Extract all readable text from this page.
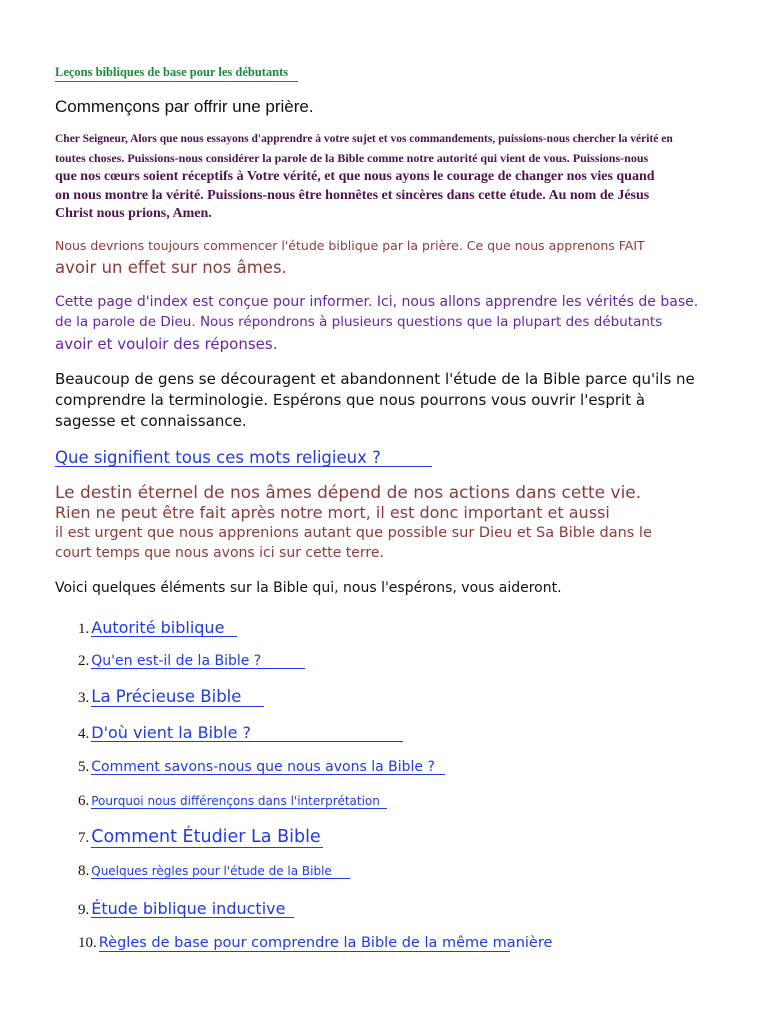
Leçons bibliques de base pour les débutants
Commençons par offrir une prière.
Cher Seigneur, Alors que nous essayons d'apprendre à votre sujet et vos commandements, puissions-nous chercher la vérité en
toutes choses. Puissions-nous considérer la parole de la Bible comme notre autorité qui vient de vous. Puissions-nous
que nos cœurs soient réceptifs à Votre vérité, et que nous ayons le courage de changer nos vies quand
on nous montre la vérité. Puissions-nous être honnêtes et sincères dans cette étude. Au nom de Jésus
Christ nous prions, Amen.
Nous devrions toujours commencer l'étude biblique par la prière. Ce que nous apprenons FAIT
avoir un effet sur nos âmes.
Cette page d'index est conçue pour informer. Ici, nous allons apprendre les vérités de base.
de la parole de Dieu. Nous répondrons à plusieurs questions que la plupart des débutants
avoir et vouloir des réponses.
Beaucoup de gens se découragent et abandonnent l'étude de la Bible parce qu'ils ne
comprendre la terminologie. Espérons que nous pourrons vous ouvrir l'esprit à
sagesse et connaissance.
Que signifient tous ces mots religieux ?
Le destin éternel de nos âmes dépend de nos actions dans cette vie.
Rien ne peut être fait après notre mort, il est donc important et aussi
il est urgent que nous apprenions autant que possible sur Dieu et Sa Bible dans le
court temps que nous avons ici sur cette terre.
Voici quelques éléments sur la Bible qui, nous l'espérons, vous aideront.
1. Autorité biblique
2. Qu'en est-il de la Bible ?
3. La Précieuse Bible
4. D'où vient la Bible ?
5. Comment savons-nous que nous avons la Bible ?
6. Pourquoi nous différençons dans l'interprétation
7. Comment Étudier La Bible
8. Quelques règles pour l'étude de la Bible
9. Étude biblique inductive
10. Règles de base pour comprendre la Bible de la même manière
